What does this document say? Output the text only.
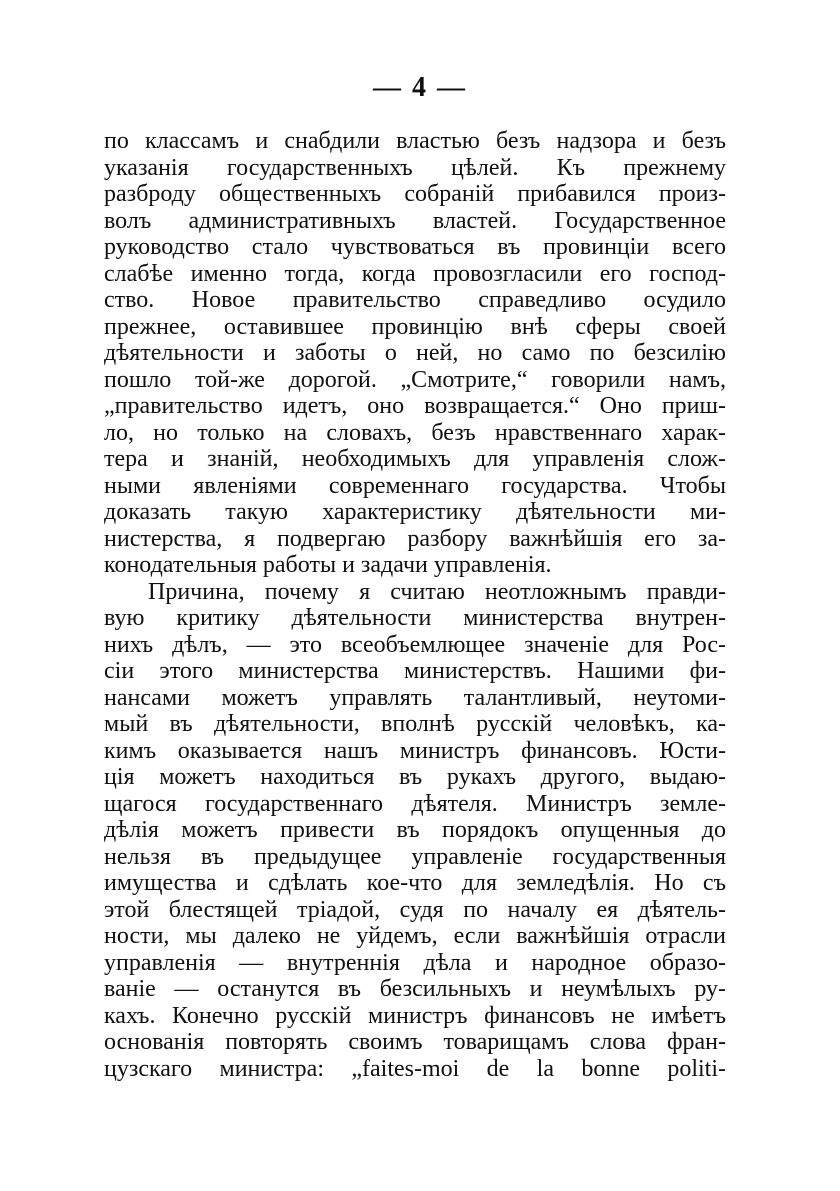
— 4 —
по классамъ и снабдили властью безъ надзора и безъ
указанія государственныхъ цѣлей. Къ прежнему
разброду общественныхъ собраній прибавился произ-
волъ административныхъ властей. Государственное
руководство стало чувствоваться въ провинціи всего
слабѣе именно тогда, когда провозгласили его господ-
ство. Новое правительство справедливо осудило
прежнее, оставившее провинцію внѣ сферы своей
дѣятельности и заботы о ней, но само по безсилію
пошло той-же дорогой. „Смотрите,“ говорили намъ,
„правительство идетъ, оно возвращается.“ Оно приш-
ло, но только на словахъ, безъ нравственнаго харак-
тера и знаній, необходимыхъ для управленія слож-
ными явленіями современнаго государства. Чтобы
доказать такую характеристику дѣятельности ми-
нистерства, я подвергаю разбору важнѣйшія его за-
конодательныя работы и задачи управленія.
Причина, почему я считаю неотложнымъ правди-
вую критику дѣятельности министерства внутрен-
нихъ дѣлъ, — это всеобъемлющее значеніе для Рос-
сіи этого министерства министерствъ. Нашими фи-
нансами можетъ управлять талантливый, неутоми-
мый въ дѣятельности, вполнѣ русскій человѣкъ, ка-
кимъ оказывается нашъ министръ финансовъ. Юсти-
ція можетъ находиться въ рукахъ другого, выдаю-
щагося государственнаго дѣятеля. Министръ земле-
дѣлія можетъ привести въ порядокъ опущенныя до
нельзя въ предыдущее управленіе государственныя
имущества и сдѣлать кое-что для земледѣлія. Но съ
этой блестящей тріадой, судя по началу ея дѣятель-
ности, мы далеко не уйдемъ, если важнѣйшія отрасли
управленія — внутреннія дѣла и народное образо-
ваніе — останутся въ безсильныхъ и неумѣлыхъ ру-
кахъ. Конечно русскій министръ финансовъ не имѣетъ
основанія повторять своимъ товарищамъ слова фран-
цузскаго министра: „faites-moi de la bonne politi-
